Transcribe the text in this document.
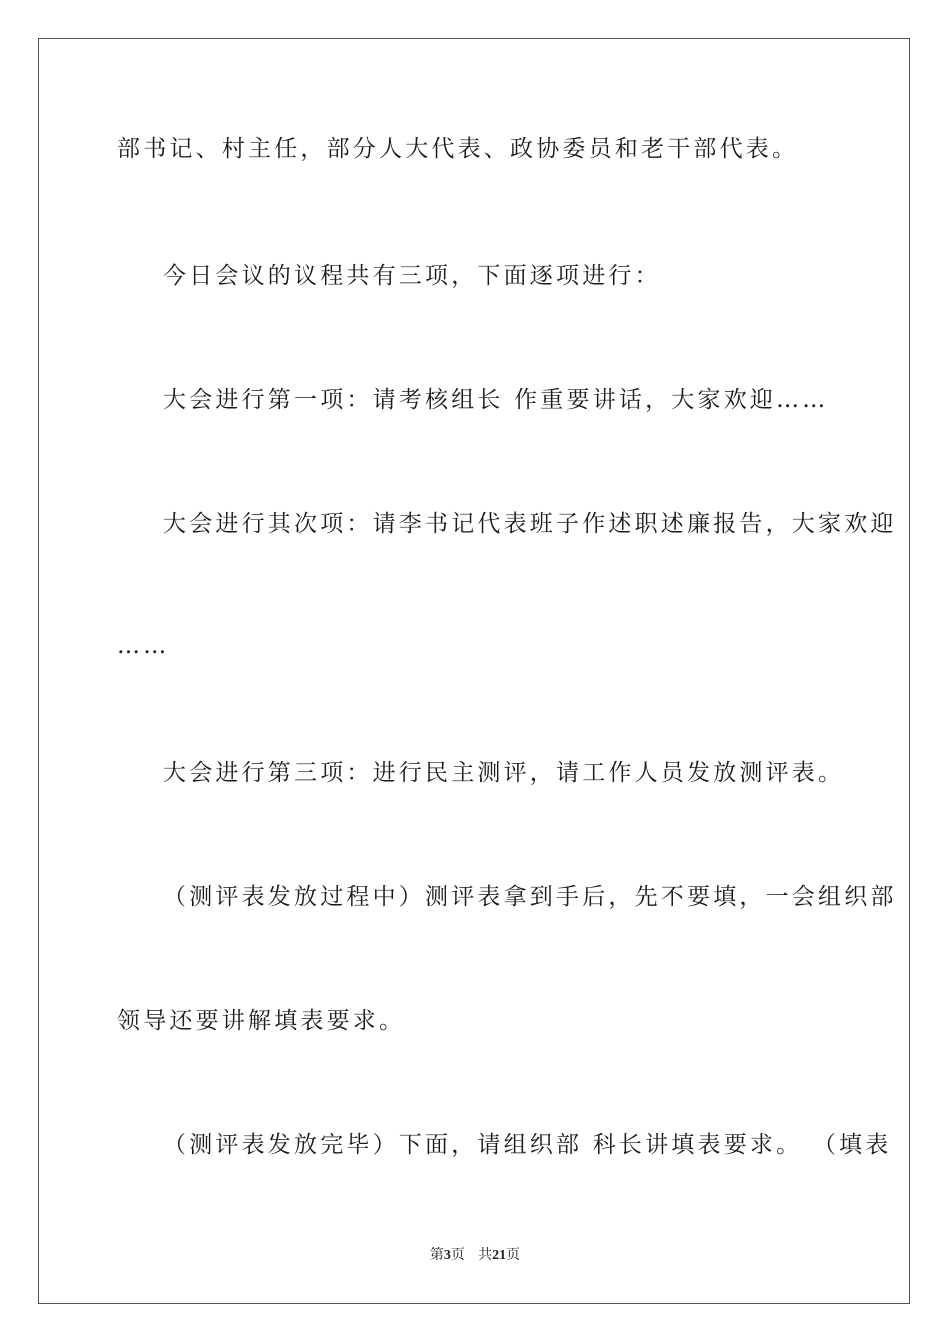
部书记、村主任，部分人大代表、政协委员和老干部代表。
今日会议的议程共有三项，下面逐项进行：
大会进行第一项：请考核组长 作重要讲话，大家欢迎……
大会进行其次项：请李书记代表班子作述职述廉报告，大家欢迎
……
大会进行第三项：进行民主测评，请工作人员发放测评表。
（测评表发放过程中）测评表拿到手后，先不要填，一会组织部
领导还要讲解填表要求。
（测评表发放完毕）下面，请组织部 科长讲填表要求。 （填表
第3页 共21页
